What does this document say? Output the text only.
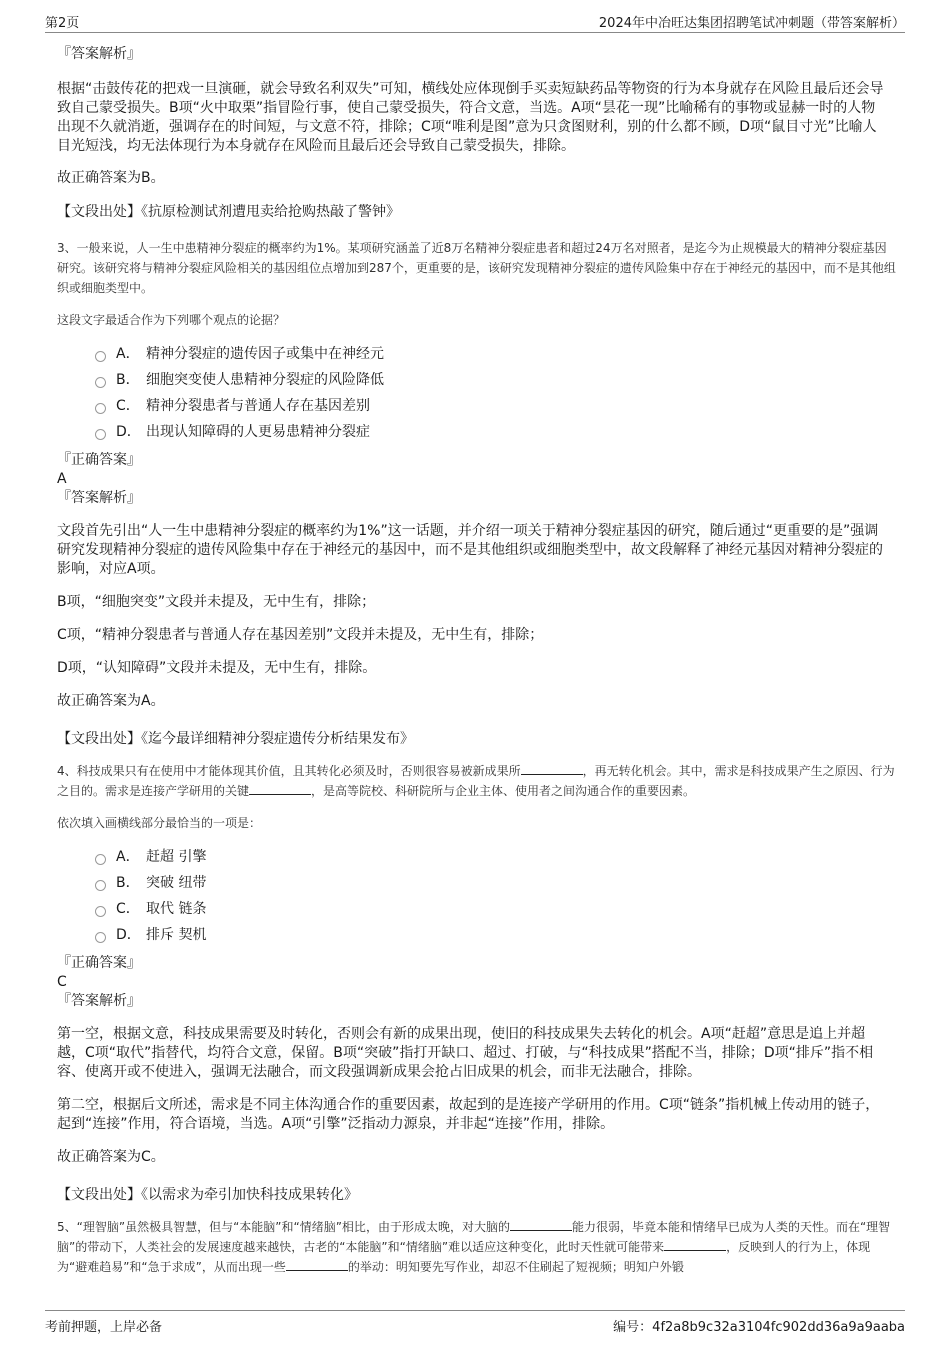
第2页	2024年中冶旺达集团招聘笔试冲刺题（带答案解析）

『答案解析』

根据“击鼓传花的把戏一旦演砸，就会导致名利双失”可知，横线处应体现倒手买卖短缺药品等物资的行为本身就存在风险且最后还会导致自己蒙受损失。B项“火中取栗”指冒险行事，使自己蒙受损失，符合文意，当选。A项“昙花一现”比喻稀有的事物或显赫一时的人物出现不久就消逝，强调存在的时间短，与文意不符，排除；C项“唯利是图”意为只贪图财利，别的什么都不顾，D项“鼠目寸光”比喻人目光短浅，均无法体现行为本身就存在风险而且最后还会导致自己蒙受损失，排除。

故正确答案为B。

【文段出处】《抗原检测试剂遭甩卖给抢购热敲了警钟》

3、一般来说，人一生中患精神分裂症的概率约为1%。某项研究涵盖了近8万名精神分裂症患者和超过24万名对照者，是迄今为止规模最大的精神分裂症基因研究。该研究将与精神分裂症风险相关的基因组位点增加到287个，更重要的是，该研究发现精神分裂症的遗传风险集中存在于神经元的基因中，而不是其他组织或细胞类型中。

这段文字最适合作为下列哪个观点的论据？

A． 精神分裂症的遗传因子或集中在神经元
B． 细胞突变使人患精神分裂症的风险降低
C． 精神分裂患者与普通人存在基因差别
D． 出现认知障碍的人更易患精神分裂症

『正确答案』

A

『答案解析』

文段首先引出“人一生中患精神分裂症的概率约为1%”这一话题，并介绍一项关于精神分裂症基因的研究，随后通过“更重要的是”强调研究发现精神分裂症的遗传风险集中存在于神经元的基因中，而不是其他组织或细胞类型中，故文段解释了神经元基因对精神分裂症的影响，对应A项。

B项，“细胞突变”文段并未提及，无中生有，排除；

C项，“精神分裂患者与普通人存在基因差别”文段并未提及，无中生有，排除；

D项，“认知障碍”文段并未提及，无中生有，排除。

故正确答案为A。

【文段出处】《迄今最详细精神分裂症遗传分析结果发布》

4、科技成果只有在使用中才能体现其价值，且其转化必须及时，否则很容易被新成果所	，再无转化机会。其中，需求是科技成果产生之原因、行为之目的。需求是连接产学研用的关键	，是高等院校、科研院所与企业主体、使用者之间沟通合作的重要因素。

依次填入画横线部分最恰当的一项是：

A． 赶超 引擎
B． 突破 纽带
C． 取代 链条
D． 排斥 契机

『正确答案』

C

『答案解析』

第一空，根据文意，科技成果需要及时转化，否则会有新的成果出现，使旧的科技成果失去转化的机会。A项“赶超”意思是追上并超越，C项“取代”指替代，均符合文意，保留。B项“突破”指打开缺口、超过、打破，与“科技成果”搭配不当，排除；D项“排斥”指不相容、使离开或不使进入，强调无法融合，而文段强调新成果会抢占旧成果的机会，而非无法融合，排除。

第二空，根据后文所述，需求是不同主体沟通合作的重要因素，故起到的是连接产学研用的作用。C项“链条”指机械上传动用的链子，起到“连接”作用，符合语境，当选。A项“引擎”泛指动力源泉，并非起“连接”作用，排除。

故正确答案为C。

【文段出处】《以需求为牵引加快科技成果转化》

5、“理智脑”虽然极具智慧，但与“本能脑”和“情绪脑”相比，由于形成太晚，对大脑的	能力很弱，毕竟本能和情绪早已成为人类的天性。而在“理智脑”的带动下，人类社会的发展速度越来越快，古老的“本能脑”和“情绪脑”难以适应这种变化，此时天性就可能带来	，反映到人的行为上，体现为“避难趋易”和“急于求成”，从而出现一些	的举动：明知要先写作业，却忍不住刷起了短视频；明知户外锻

考前押题，上岸必备	编号：4f2a8b9c32a3104fc902dd36a9a9aaba
